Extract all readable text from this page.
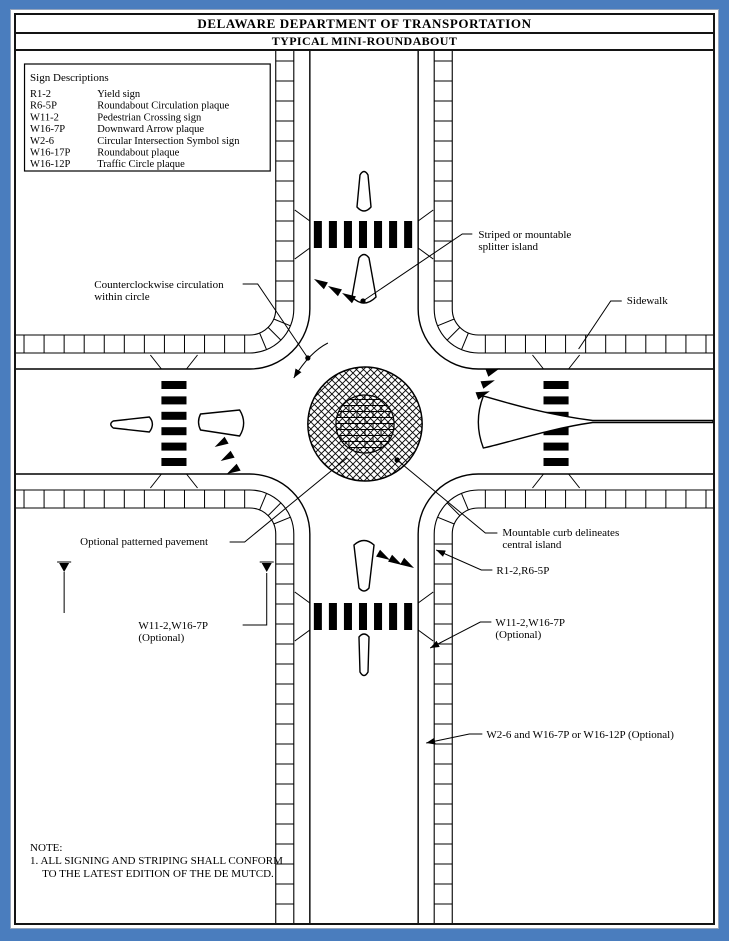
DELAWARE DEPARTMENT OF TRANSPORTATION
TYPICAL MINI-ROUNDABOUT
Sign Descriptions
R1-2	Yield sign
R6-5P	Roundabout Circulation plaque
W11-2	Pedestrian Crossing sign
W16-7P	Downward Arrow plaque
W2-6	Circular Intersection Symbol sign
W16-17P	Roundabout plaque
W16-12P	Traffic Circle plaque
Striped or mountable
splitter island
Sidewalk
Counterclockwise circulation
within circle
Optional patterned pavement
Mountable curb delineates
central island
R1-2,R6-5P
W11-2,W16-7P
(Optional)
W2-6 and W16-7P or W16-12P (Optional)
W11-2,W16-7P
(Optional)
NOTE:
1. ALL SIGNING AND STRIPING SHALL CONFORM
TO THE LATEST EDITION OF THE DE MUTCD.
